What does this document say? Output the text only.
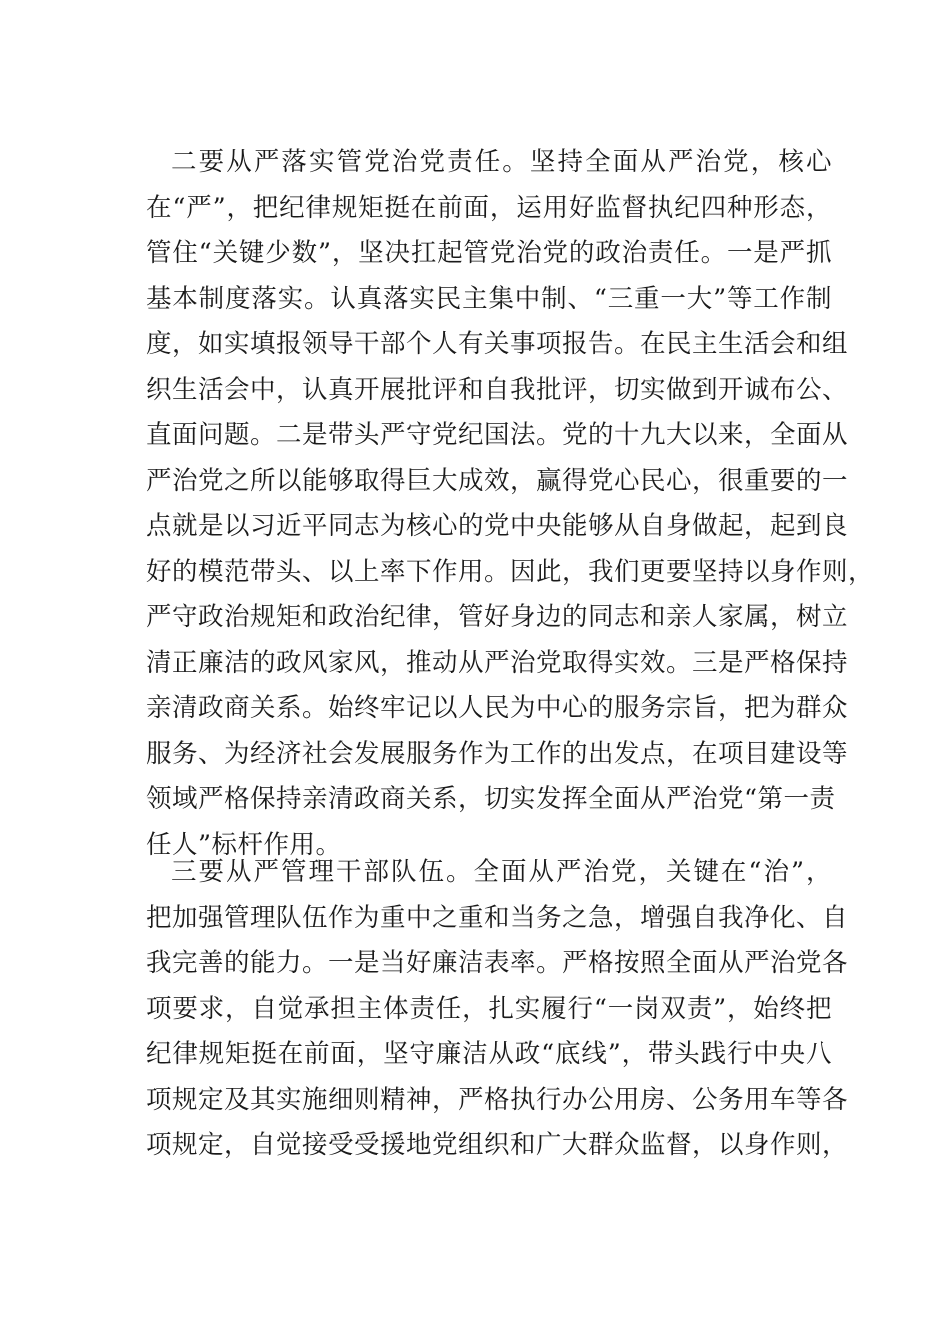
二要从严落实管党治党责任。坚持全面从严治党，核心
在“严”，把纪律规矩挺在前面，运用好监督执纪四种形态，
管住“关键少数”，坚决扛起管党治党的政治责任。一是严抓
基本制度落实。认真落实民主集中制、“三重一大”等工作制
度，如实填报领导干部个人有关事项报告。在民主生活会和组
织生活会中，认真开展批评和自我批评，切实做到开诚布公、
直面问题。二是带头严守党纪国法。党的十九大以来，全面从
严治党之所以能够取得巨大成效，赢得党心民心，很重要的一
点就是以习近平同志为核心的党中央能够从自身做起，起到良
好的模范带头、以上率下作用。因此，我们更要坚持以身作则，
严守政治规矩和政治纪律，管好身边的同志和亲人家属，树立
清正廉洁的政风家风，推动从严治党取得实效。三是严格保持
亲清政商关系。始终牢记以人民为中心的服务宗旨，把为群众
服务、为经济社会发展服务作为工作的出发点，在项目建设等
领域严格保持亲清政商关系，切实发挥全面从严治党“第一责
任人”标杆作用。
三要从严管理干部队伍。全面从严治党，关键在“治”，
把加强管理队伍作为重中之重和当务之急，增强自我净化、自
我完善的能力。一是当好廉洁表率。严格按照全面从严治党各
项要求，自觉承担主体责任，扎实履行“一岗双责”，始终把
纪律规矩挺在前面，坚守廉洁从政“底线”，带头践行中央八
项规定及其实施细则精神，严格执行办公用房、公务用车等各
项规定，自觉接受受援地党组织和广大群众监督，以身作则，
